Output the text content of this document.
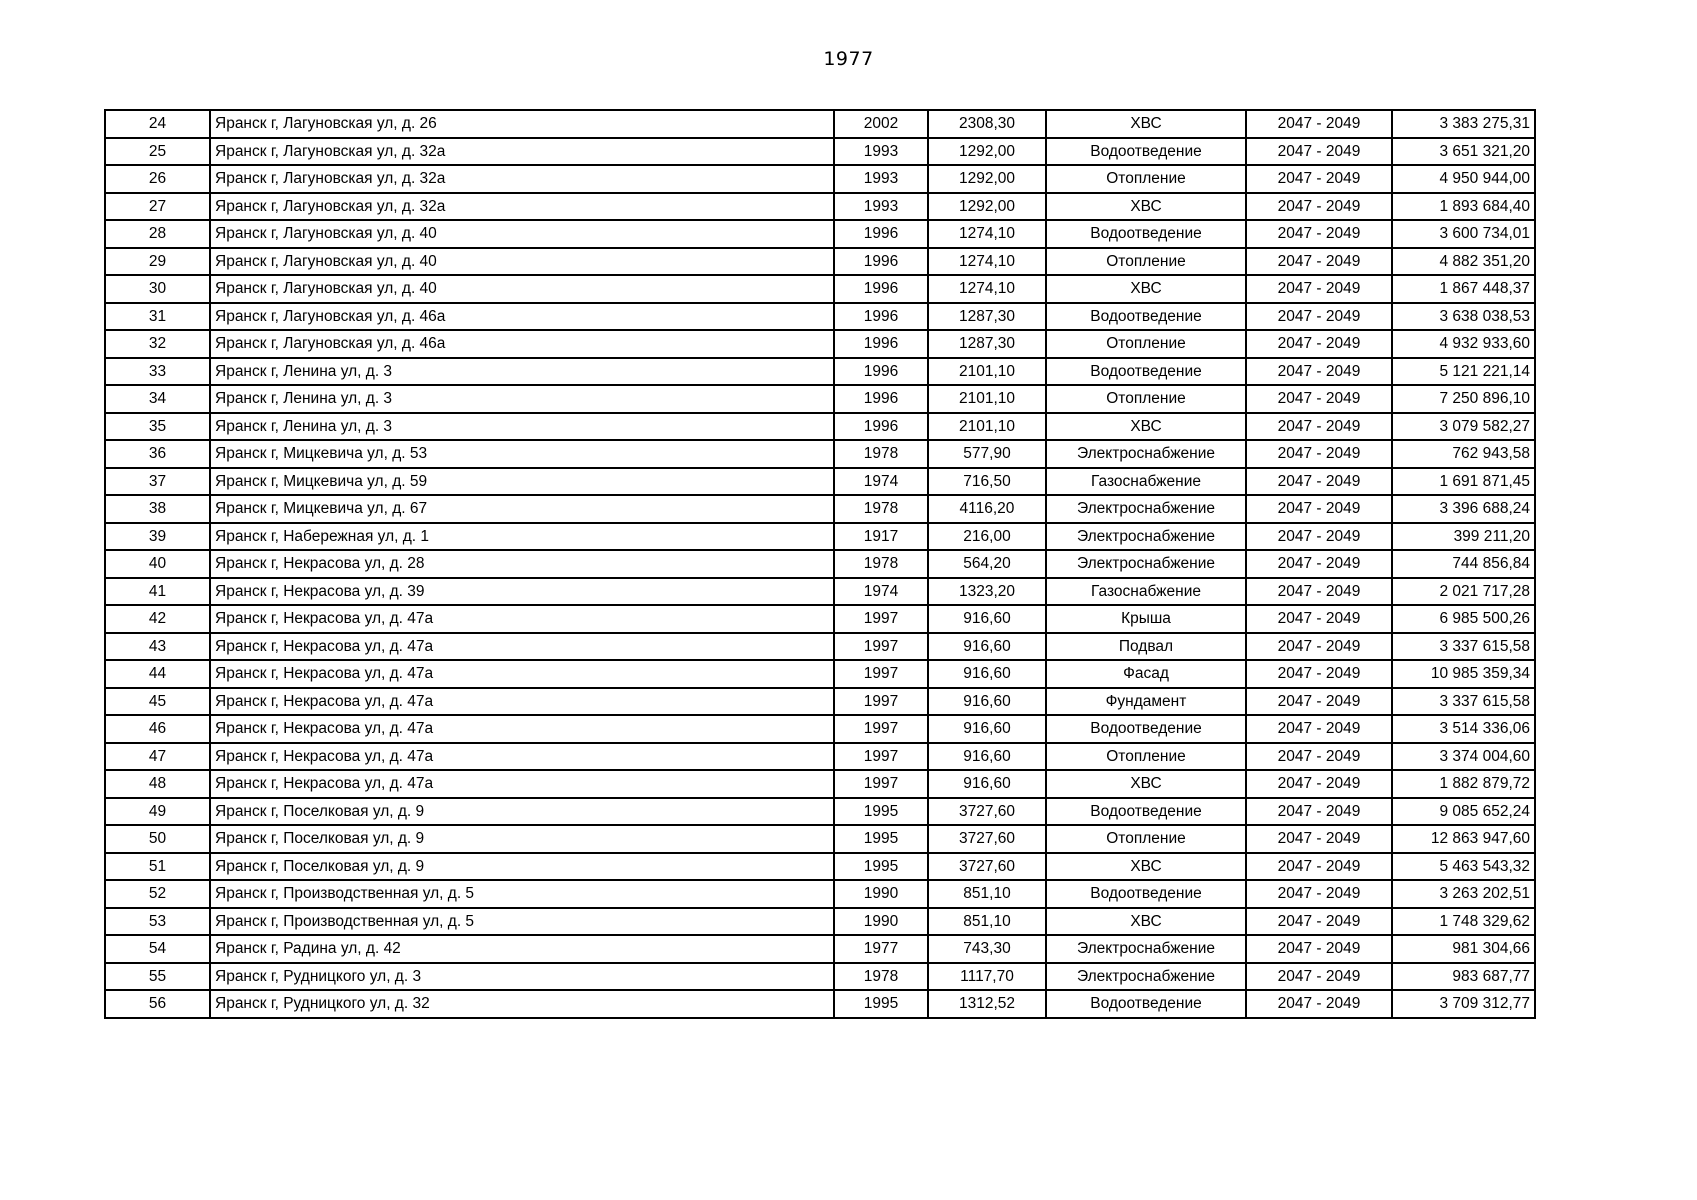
1977
24	Яранск г, Лагуновская ул, д. 26	2002	2308,30	ХВС	2047 - 2049	3 383 275,31
25	Яранск г, Лагуновская ул, д. 32а	1993	1292,00	Водоотведение	2047 - 2049	3 651 321,20
26	Яранск г, Лагуновская ул, д. 32а	1993	1292,00	Отопление	2047 - 2049	4 950 944,00
27	Яранск г, Лагуновская ул, д. 32а	1993	1292,00	ХВС	2047 - 2049	1 893 684,40
28	Яранск г, Лагуновская ул, д. 40	1996	1274,10	Водоотведение	2047 - 2049	3 600 734,01
29	Яранск г, Лагуновская ул, д. 40	1996	1274,10	Отопление	2047 - 2049	4 882 351,20
30	Яранск г, Лагуновская ул, д. 40	1996	1274,10	ХВС	2047 - 2049	1 867 448,37
31	Яранск г, Лагуновская ул, д. 46а	1996	1287,30	Водоотведение	2047 - 2049	3 638 038,53
32	Яранск г, Лагуновская ул, д. 46а	1996	1287,30	Отопление	2047 - 2049	4 932 933,60
33	Яранск г, Ленина ул, д. 3	1996	2101,10	Водоотведение	2047 - 2049	5 121 221,14
34	Яранск г, Ленина ул, д. 3	1996	2101,10	Отопление	2047 - 2049	7 250 896,10
35	Яранск г, Ленина ул, д. 3	1996	2101,10	ХВС	2047 - 2049	3 079 582,27
36	Яранск г, Мицкевича ул, д. 53	1978	577,90	Электроснабжение	2047 - 2049	762 943,58
37	Яранск г, Мицкевича ул, д. 59	1974	716,50	Газоснабжение	2047 - 2049	1 691 871,45
38	Яранск г, Мицкевича ул, д. 67	1978	4116,20	Электроснабжение	2047 - 2049	3 396 688,24
39	Яранск г, Набережная ул, д. 1	1917	216,00	Электроснабжение	2047 - 2049	399 211,20
40	Яранск г, Некрасова ул, д. 28	1978	564,20	Электроснабжение	2047 - 2049	744 856,84
41	Яранск г, Некрасова ул, д. 39	1974	1323,20	Газоснабжение	2047 - 2049	2 021 717,28
42	Яранск г, Некрасова ул, д. 47а	1997	916,60	Крыша	2047 - 2049	6 985 500,26
43	Яранск г, Некрасова ул, д. 47а	1997	916,60	Подвал	2047 - 2049	3 337 615,58
44	Яранск г, Некрасова ул, д. 47а	1997	916,60	Фасад	2047 - 2049	10 985 359,34
45	Яранск г, Некрасова ул, д. 47а	1997	916,60	Фундамент	2047 - 2049	3 337 615,58
46	Яранск г, Некрасова ул, д. 47а	1997	916,60	Водоотведение	2047 - 2049	3 514 336,06
47	Яранск г, Некрасова ул, д. 47а	1997	916,60	Отопление	2047 - 2049	3 374 004,60
48	Яранск г, Некрасова ул, д. 47а	1997	916,60	ХВС	2047 - 2049	1 882 879,72
49	Яранск г, Поселковая ул, д. 9	1995	3727,60	Водоотведение	2047 - 2049	9 085 652,24
50	Яранск г, Поселковая ул, д. 9	1995	3727,60	Отопление	2047 - 2049	12 863 947,60
51	Яранск г, Поселковая ул, д. 9	1995	3727,60	ХВС	2047 - 2049	5 463 543,32
52	Яранск г, Производственная ул, д. 5	1990	851,10	Водоотведение	2047 - 2049	3 263 202,51
53	Яранск г, Производственная ул, д. 5	1990	851,10	ХВС	2047 - 2049	1 748 329,62
54	Яранск г, Радина ул, д. 42	1977	743,30	Электроснабжение	2047 - 2049	981 304,66
55	Яранск г, Рудницкого ул, д. 3	1978	1117,70	Электроснабжение	2047 - 2049	983 687,77
56	Яранск г, Рудницкого ул, д. 32	1995	1312,52	Водоотведение	2047 - 2049	3 709 312,77
